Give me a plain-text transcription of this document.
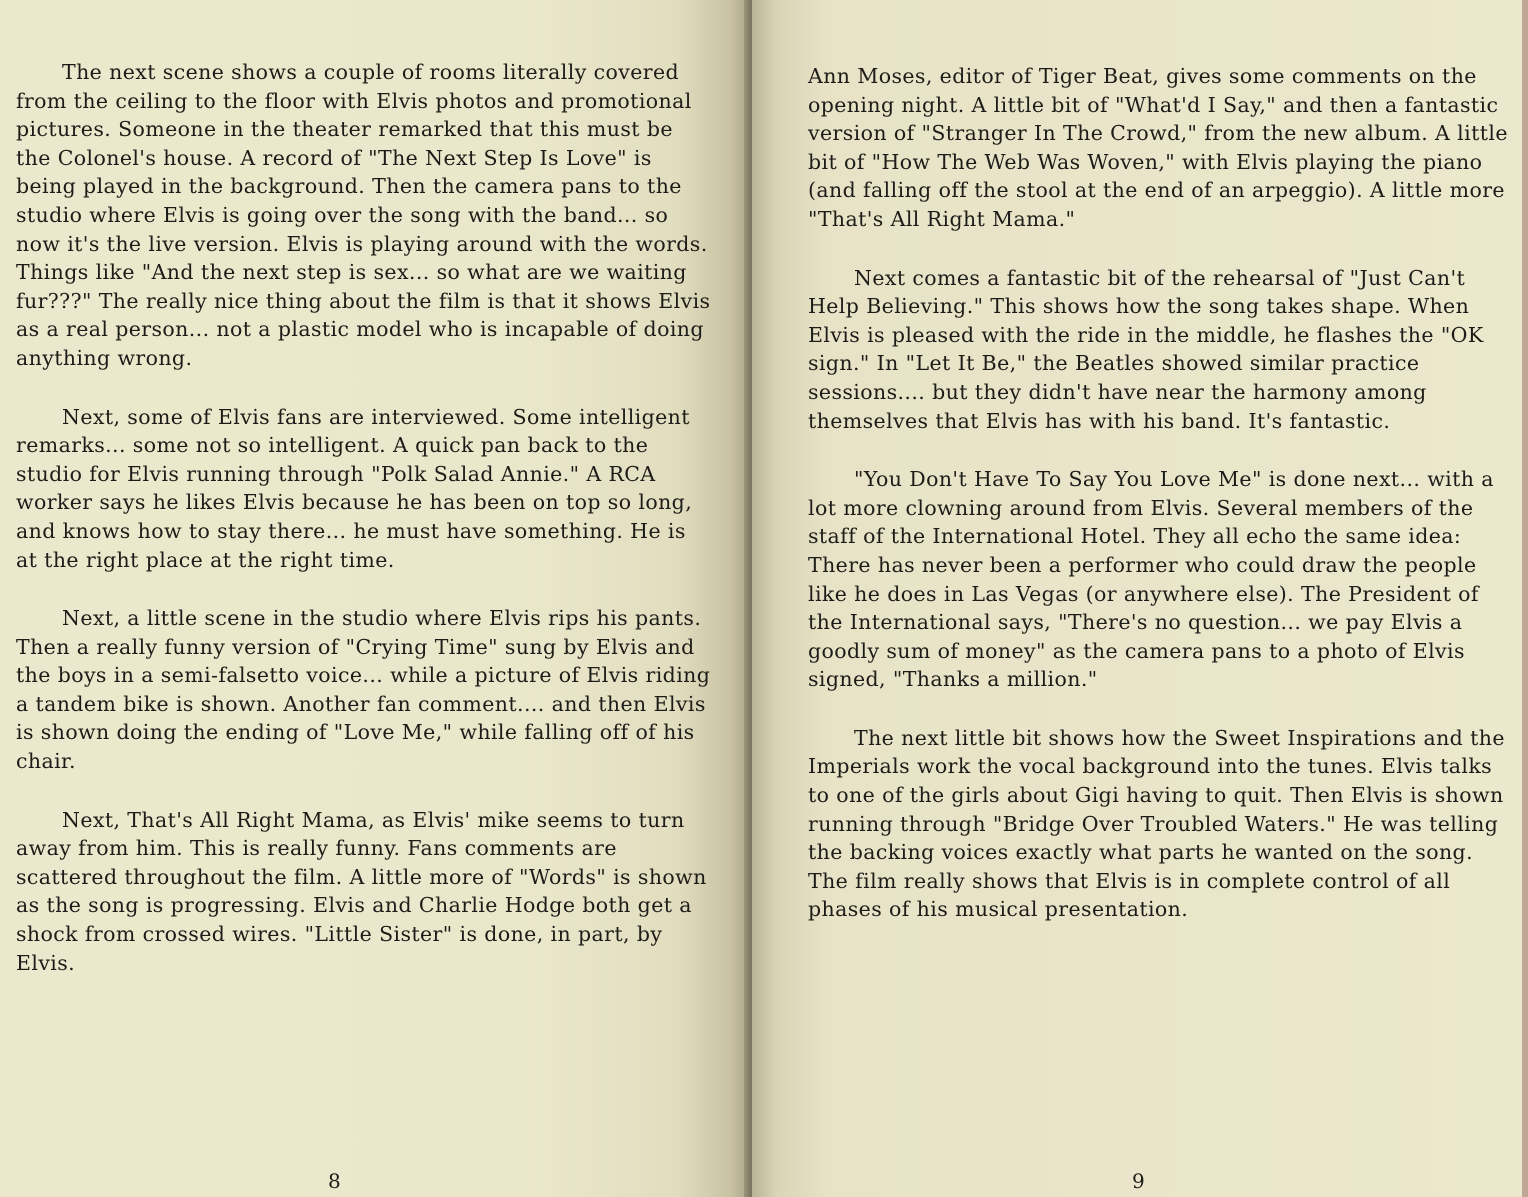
The next scene shows a couple of rooms literally covered from the ceiling to the floor with Elvis photos and promotional pictures. Someone in the theater remarked that this must be the Colonel's house. A record of "The Next Step Is Love" is being played in the background. Then the camera pans to the studio where Elvis is going over the song with the band... so now it's the live version. Elvis is playing around with the words. Things like "And the next step is sex... so what are we waiting fur???" The really nice thing about the film is that it shows Elvis as a real person... not a plastic model who is incapable of doing anything wrong.

Next, some of Elvis fans are interviewed. Some intelligent remarks... some not so intelligent. A quick pan back to the studio for Elvis running through "Polk Salad Annie." A RCA worker says he likes Elvis because he has been on top so long, and knows how to stay there... he must have something. He is at the right place at the right time.

Next, a little scene in the studio where Elvis rips his pants. Then a really funny version of "Crying Time" sung by Elvis and the boys in a semi-falsetto voice... while a picture of Elvis riding a tandem bike is shown. Another fan comment.... and then Elvis is shown doing the ending of "Love Me," while falling off of his chair.

Next, That's All Right Mama, as Elvis' mike seems to turn away from him. This is really funny. Fans comments are scattered throughout the film. A little more of "Words" is shown as the song is progressing. Elvis and Charlie Hodge both get a shock from crossed wires. "Little Sister" is done, in part, by Elvis.

8

Ann Moses, editor of Tiger Beat, gives some comments on the opening night. A little bit of "What'd I Say," and then a fantastic version of "Stranger In The Crowd," from the new album. A little bit of "How The Web Was Woven," with Elvis playing the piano (and falling off the stool at the end of an arpeggio). A little more "That's All Right Mama."

Next comes a fantastic bit of the rehearsal of "Just Can't Help Believing." This shows how the song takes shape. When Elvis is pleased with the ride in the middle, he flashes the "OK sign." In "Let It Be," the Beatles showed similar practice sessions.... but they didn't have near the harmony among themselves that Elvis has with his band. It's fantastic.

"You Don't Have To Say You Love Me" is done next... with a lot more clowning around from Elvis. Several members of the staff of the International Hotel. They all echo the same idea: There has never been a performer who could draw the people like he does in Las Vegas (or anywhere else). The President of the International says, "There's no question... we pay Elvis a goodly sum of money" as the camera pans to a photo of Elvis signed, "Thanks a million."

The next little bit shows how the Sweet Inspirations and the Imperials work the vocal background into the tunes. Elvis talks to one of the girls about Gigi having to quit. Then Elvis is shown running through "Bridge Over Troubled Waters." He was telling the backing voices exactly what parts he wanted on the song. The film really shows that Elvis is in complete control of all phases of his musical presentation.

9
